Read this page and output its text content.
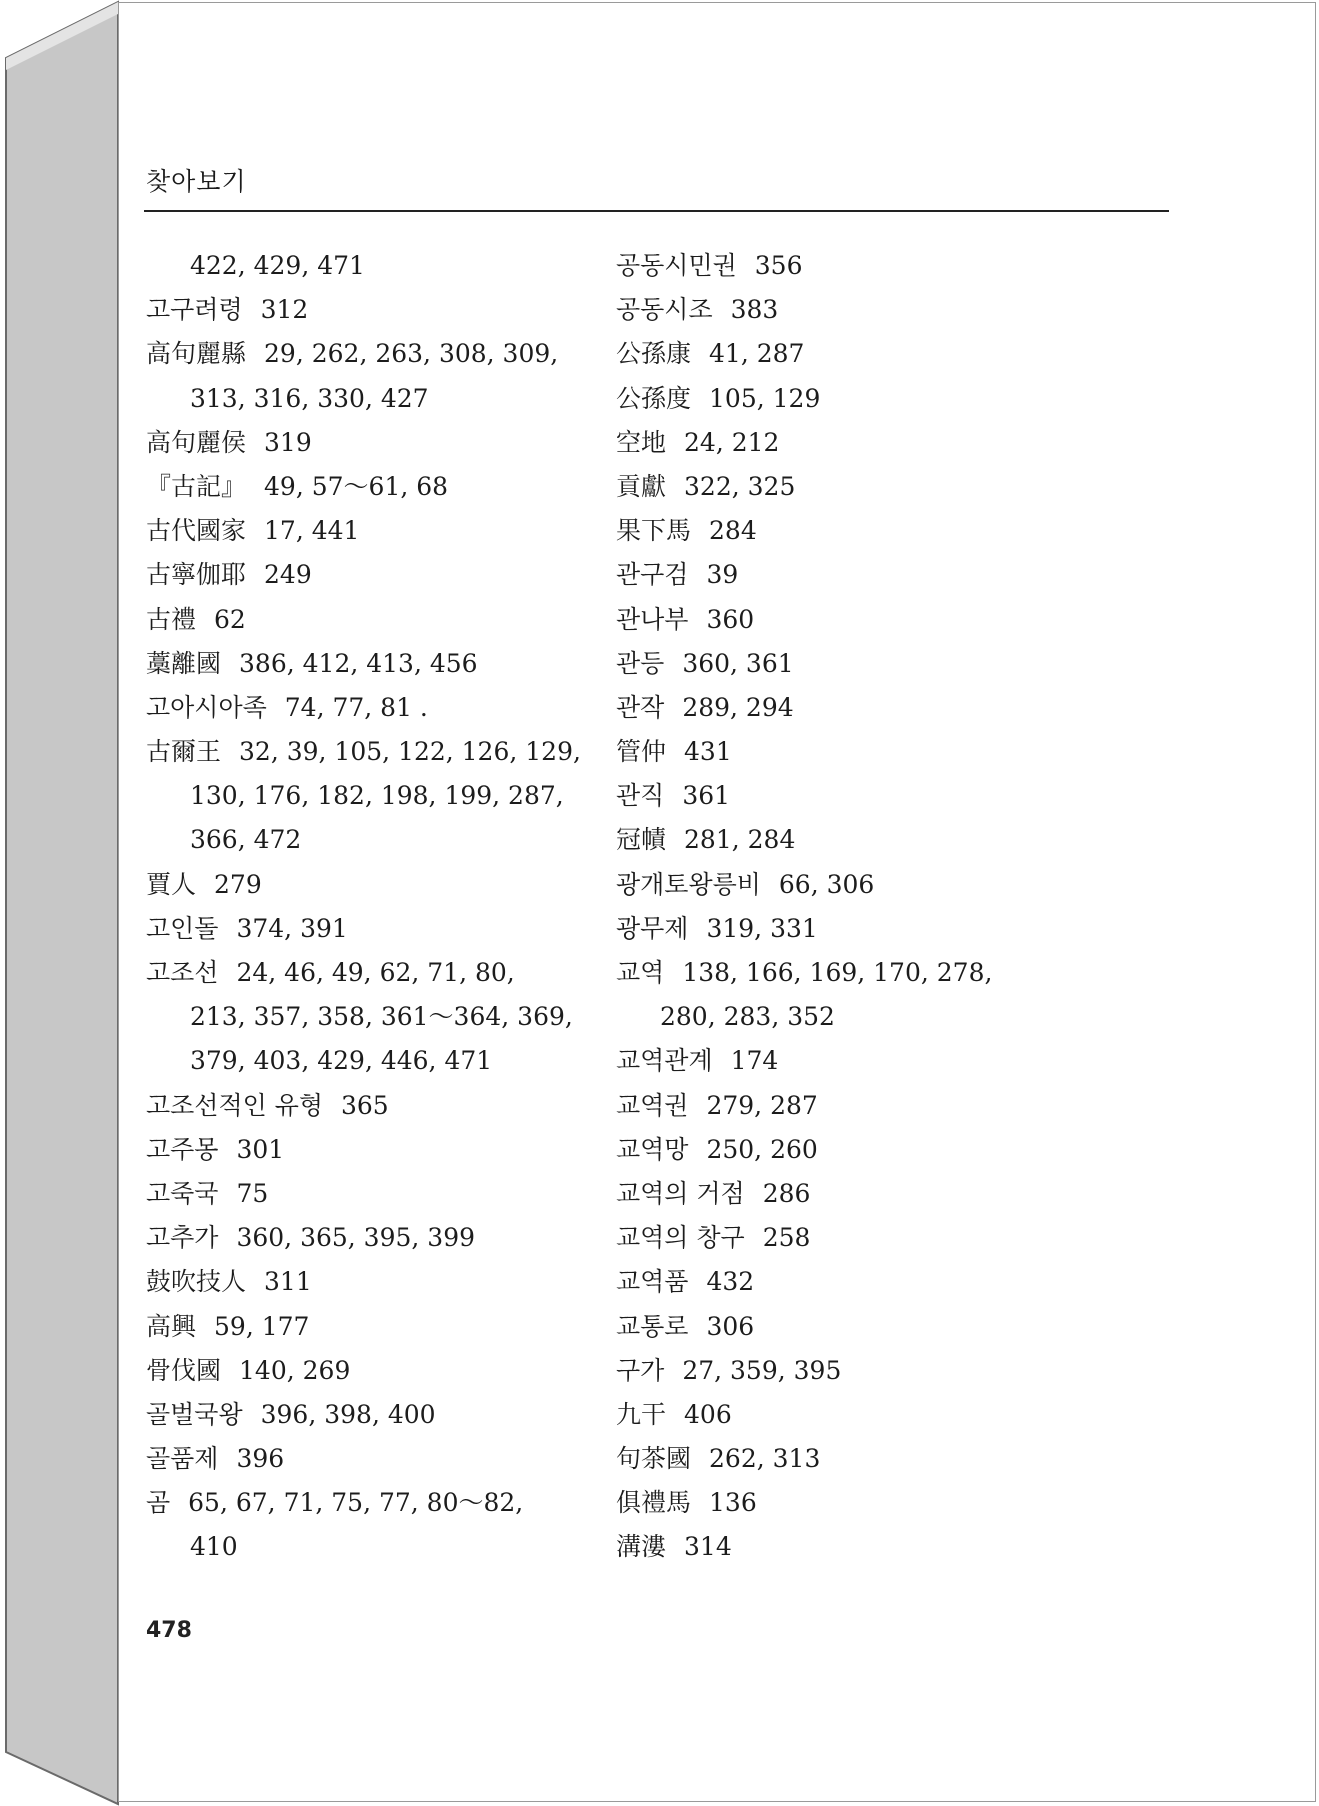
찾아보기
422, 429, 471
고구려령 312
高句麗縣 29, 262, 263, 308, 309,
313, 316, 330, 427
高句麗侯 319
『古記』 49, 57～61, 68
古代國家 17, 441
古寧伽耶 249
古禮 62
藁離國 386, 412, 413, 456
고아시아족 74, 77, 81 .
古爾王 32, 39, 105, 122, 126, 129,
130, 176, 182, 198, 199, 287,
366, 472
賈人 279
고인돌 374, 391
고조선 24, 46, 49, 62, 71, 80,
213, 357, 358, 361～364, 369,
379, 403, 429, 446, 471
고조선적인 유형 365
고주몽 301
고죽국 75
고추가 360, 365, 395, 399
鼓吹技人 311
高興 59, 177
骨伐國 140, 269
골벌국왕 396, 398, 400
골품제 396
곰 65, 67, 71, 75, 77, 80～82,
410
공동시민권 356
공동시조 383
公孫康 41, 287
公孫度 105, 129
空地 24, 212
貢獻 322, 325
果下馬 284
관구검 39
관나부 360
관등 360, 361
관작 289, 294
管仲 431
관직 361
冠幘 281, 284
광개토왕릉비 66, 306
광무제 319, 331
교역 138, 166, 169, 170, 278,
280, 283, 352
교역관계 174
교역권 279, 287
교역망 250, 260
교역의 거점 286
교역의 창구 258
교역품 432
교통로 306
구가 27, 359, 395
九干 406
句茶國 262, 313
俱禮馬 136
溝漊 314
478
